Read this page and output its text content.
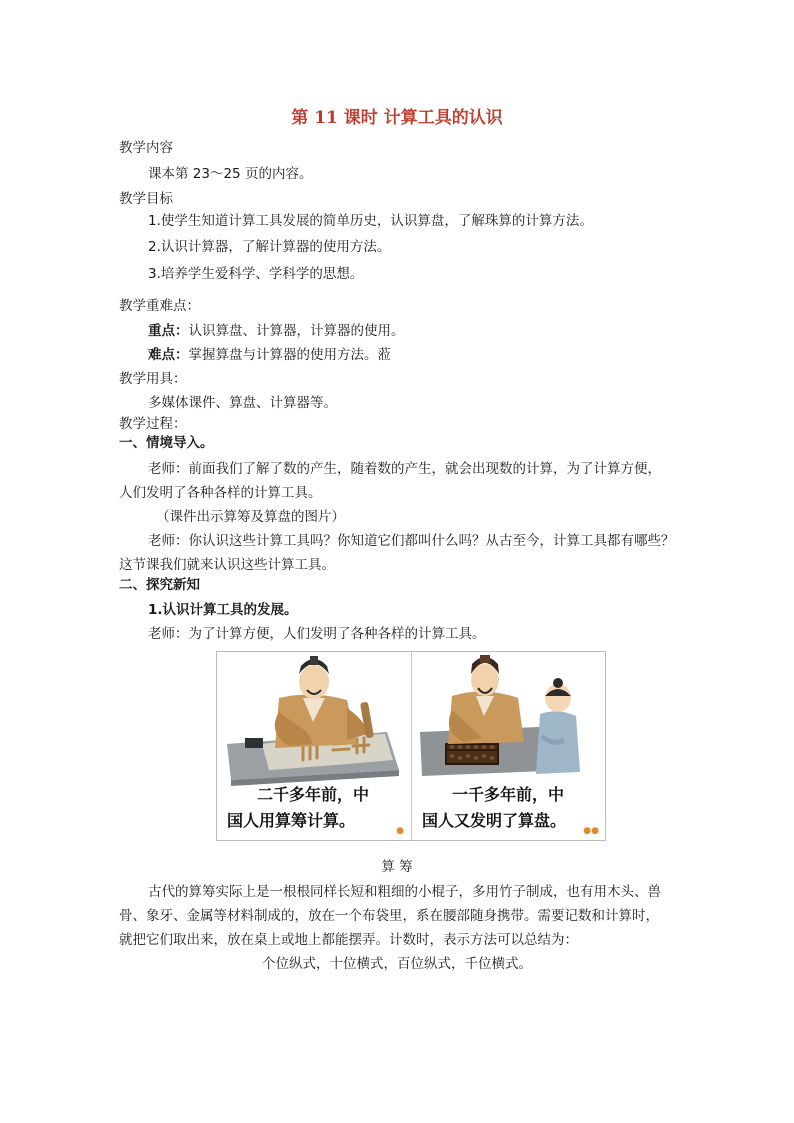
第 11 课时 计算工具的认识
教学内容
课本第 23～25 页的内容。
教学目标
1.使学生知道计算工具发展的简单历史，认识算盘，了解珠算的计算方法。
2.认识计算器，了解计算器的使用方法。
3.培养学生爱科学、学科学的思想。
教学重难点：
重点：认识算盘、计算器，计算器的使用。
难点：掌握算盘与计算器的使用方法。蒞
教学用具：
多媒体课件、算盘、计算器等。
教学过程：
一、情境导入。
老师：前面我们了解了数的产生，随着数的产生，就会出现数的计算，为了计算方便，
人们发明了各种各样的计算工具。
（课件出示算筹及算盘的图片）
老师：你认识这些计算工具吗？你知道它们都叫什么吗？从古至今，计算工具都有哪些？
这节课我们就来认识这些计算工具。
二、探究新知
1.认识计算工具的发展。
老师：为了计算方便，人们发明了各种各样的计算工具。
二千多年前，中
国人用算筹计算。
●
一千多年前，中
国人又发明了算盘。
●●
算 筹
古代的算筹实际上是一根根同样长短和粗细的小棍子，多用竹子制成，也有用木头、兽
骨、象牙、金属等材料制成的，放在一个布袋里，系在腰部随身携带。需要记数和计算时，
就把它们取出来，放在桌上或地上都能摆弄。计数时，表示方法可以总结为：
个位纵式，十位横式，百位纵式，千位横式。
